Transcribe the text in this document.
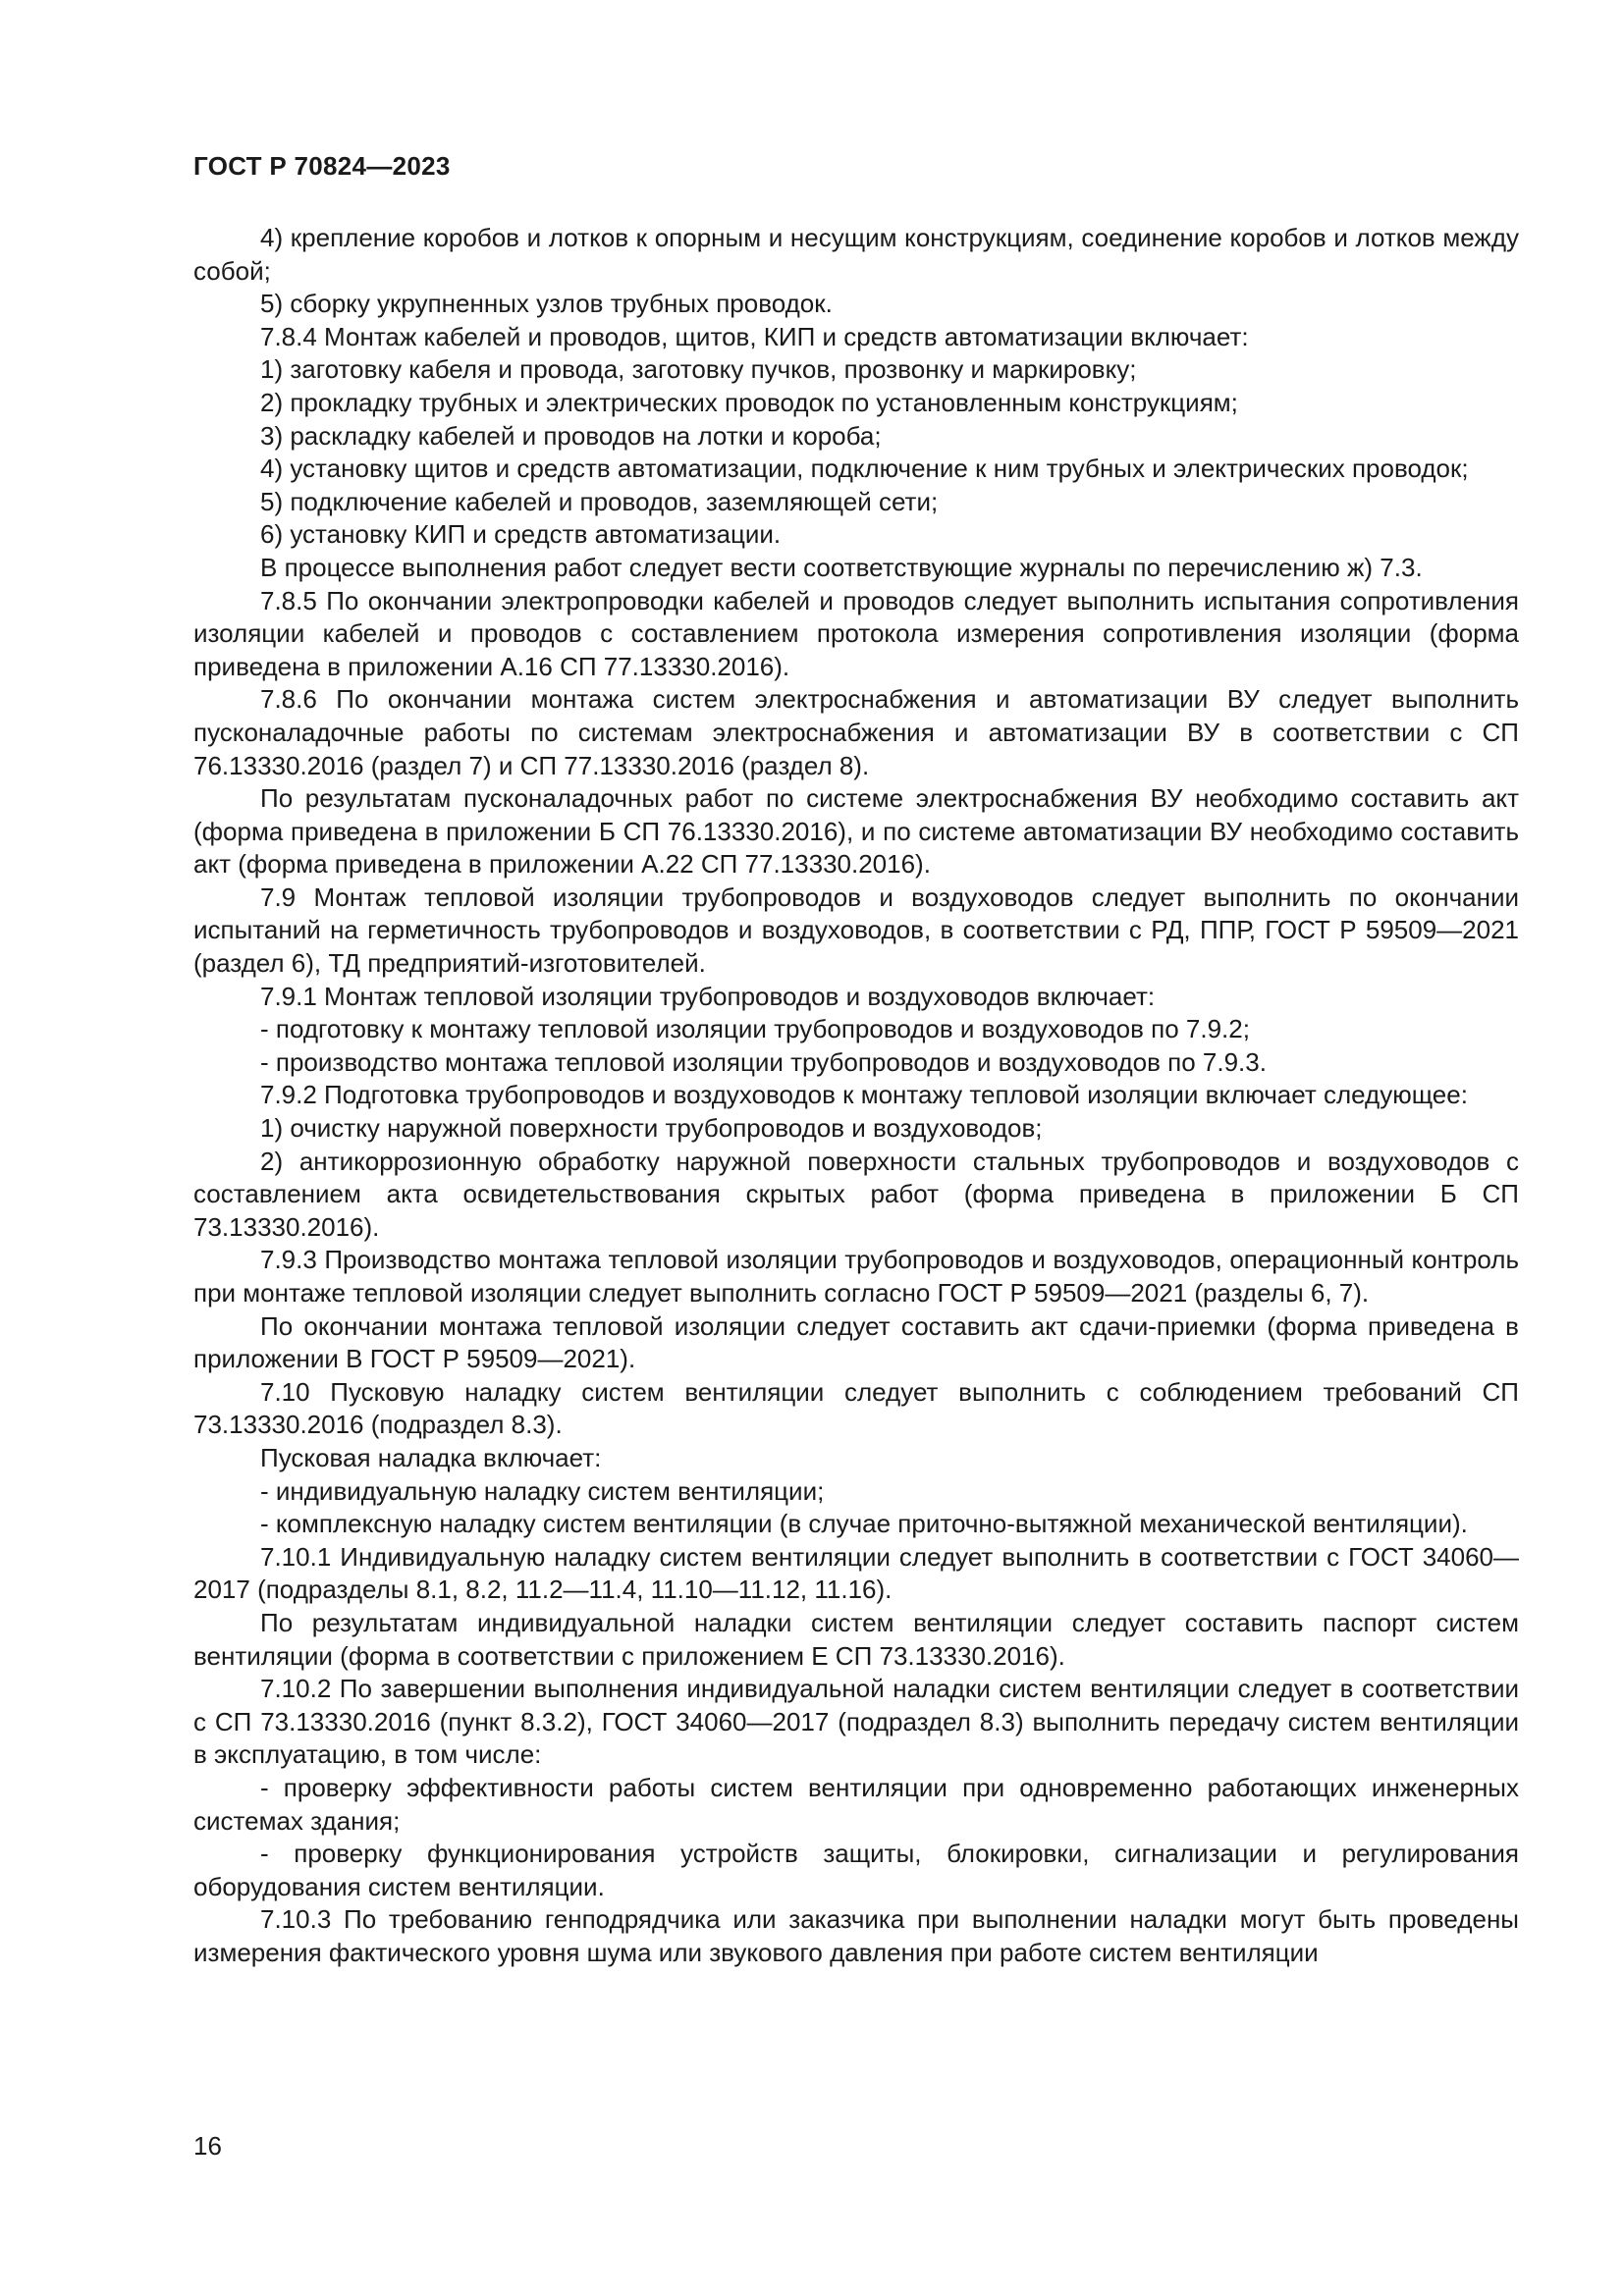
ГОСТ Р 70824—2023

4) крепление коробов и лотков к опорным и несущим конструкциям, соединение коробов и лотков между собой;

5) сборку укрупненных узлов трубных проводок.

7.8.4 Монтаж кабелей и проводов, щитов, КИП и средств автоматизации включает:

1) заготовку кабеля и провода, заготовку пучков, прозвонку и маркировку;

2) прокладку трубных и электрических проводок по установленным конструкциям;

3) раскладку кабелей и проводов на лотки и короба;

4) установку щитов и средств автоматизации, подключение к ним трубных и электрических проводок;

5) подключение кабелей и проводов, заземляющей сети;

6) установку КИП и средств автоматизации.

В процессе выполнения работ следует вести соответствующие журналы по перечислению ж) 7.3.

7.8.5 По окончании электропроводки кабелей и проводов следует выполнить испытания сопротивления изоляции кабелей и проводов с составлением протокола измерения сопротивления изоляции (форма приведена в приложении А.16 СП 77.13330.2016).

7.8.6 По окончании монтажа систем электроснабжения и автоматизации ВУ следует выполнить пусконаладочные работы по системам электроснабжения и автоматизации ВУ в соответствии с СП 76.13330.2016 (раздел 7) и СП 77.13330.2016 (раздел 8).

По результатам пусконаладочных работ по системе электроснабжения ВУ необходимо составить акт (форма приведена в приложении Б СП 76.13330.2016), и по системе автоматизации ВУ необходимо составить акт (форма приведена в приложении А.22 СП 77.13330.2016).

7.9 Монтаж тепловой изоляции трубопроводов и воздуховодов следует выполнить по окончании испытаний на герметичность трубопроводов и воздуховодов, в соответствии с РД, ППР, ГОСТ Р 59509—2021 (раздел 6), ТД предприятий-изготовителей.

7.9.1 Монтаж тепловой изоляции трубопроводов и воздуховодов включает:

- подготовку к монтажу тепловой изоляции трубопроводов и воздуховодов по 7.9.2;

- производство монтажа тепловой изоляции трубопроводов и воздуховодов по 7.9.3.

7.9.2 Подготовка трубопроводов и воздуховодов к монтажу тепловой изоляции включает следующее:

1) очистку наружной поверхности трубопроводов и воздуховодов;

2) антикоррозионную обработку наружной поверхности стальных трубопроводов и воздуховодов с составлением акта освидетельствования скрытых работ (форма приведена в приложении Б СП 73.13330.2016).

7.9.3 Производство монтажа тепловой изоляции трубопроводов и воздуховодов, операционный контроль при монтаже тепловой изоляции следует выполнить согласно ГОСТ Р 59509—2021 (разделы 6, 7).

По окончании монтажа тепловой изоляции следует составить акт сдачи-приемки (форма приведена в приложении В ГОСТ Р 59509—2021).

7.10 Пусковую наладку систем вентиляции следует выполнить с соблюдением требований СП 73.13330.2016 (подраздел 8.3).

Пусковая наладка включает:

- индивидуальную наладку систем вентиляции;

- комплексную наладку систем вентиляции (в случае приточно-вытяжной механической вентиляции).

7.10.1 Индивидуальную наладку систем вентиляции следует выполнить в соответствии с ГОСТ 34060—2017 (подразделы 8.1, 8.2, 11.2—11.4, 11.10—11.12, 11.16).

По результатам индивидуальной наладки систем вентиляции следует составить паспорт систем вентиляции (форма в соответствии с приложением Е СП 73.13330.2016).

7.10.2 По завершении выполнения индивидуальной наладки систем вентиляции следует в соответствии с СП 73.13330.2016 (пункт 8.3.2), ГОСТ 34060—2017 (подраздел 8.3) выполнить передачу систем вентиляции в эксплуатацию, в том числе:

- проверку эффективности работы систем вентиляции при одновременно работающих инженерных системах здания;

- проверку функционирования устройств защиты, блокировки, сигнализации и регулирования оборудования систем вентиляции.

7.10.3 По требованию генподрядчика или заказчика при выполнении наладки могут быть проведены измерения фактического уровня шума или звукового давления при работе систем вентиляции

16
